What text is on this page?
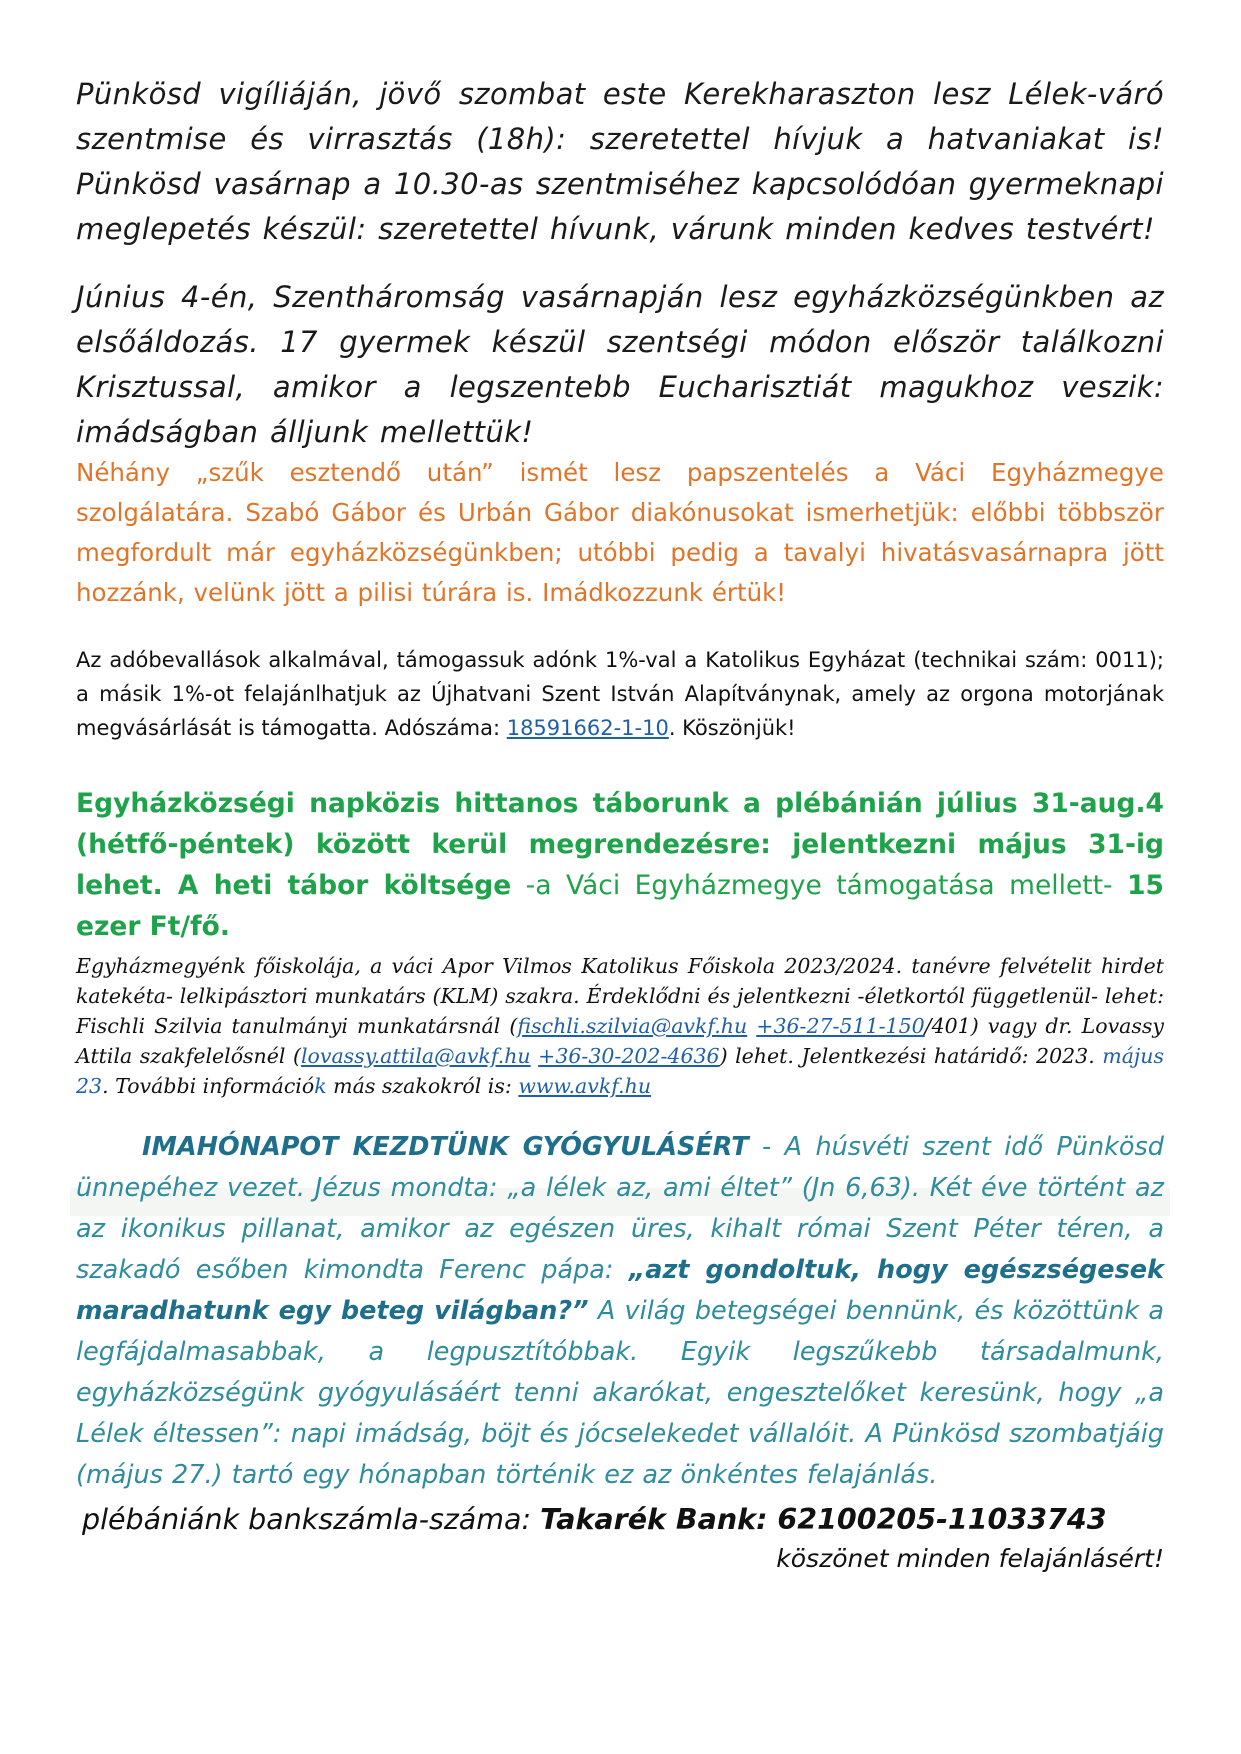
Pünkösd vigíliáján, jövő szombat este Kerekharaszton lesz Lélek-váró szentmise és virrasztás (18h): szeretettel hívjuk a hatvaniakat is! Pünkösd vasárnap a 10.30-as szentmiséhez kapcsolódóan gyermeknapi meglepetés készül: szeretettel hívunk, várunk minden kedves testvért!

Június 4-én, Szentháromság vasárnapján lesz egyházközségünkben az elsőáldozás. 17 gyermek készül szentségi módon először találkozni Krisztussal, amikor a legszentebb Eucharisztiát magukhoz veszik: imádságban álljunk mellettük!

Néhány „szűk esztendő után” ismét lesz papszentelés a Váci Egyházmegye szolgálatára. Szabó Gábor és Urbán Gábor diakónusokat ismerhetjük: előbbi többször megfordult már egyházközségünkben; utóbbi pedig a tavalyi hivatásvasárnapra jött hozzánk, velünk jött a pilisi túrára is. Imádkozzunk értük!

Az adóbevallások alkalmával, támogassuk adónk 1%-val a Katolikus Egyházat (technikai szám: 0011); a másik 1%-ot felajánlhatjuk az Újhatvani Szent István Alapítványnak, amely az orgona motorjának megvásárlását is támogatta. Adószáma: 18591662-1-10. Köszönjük!

Egyházközségi napközis hittanos táborunk a plébánián július 31-aug.4 (hétfő-péntek) között kerül megrendezésre: jelentkezni május 31-ig lehet. A heti tábor költsége -a Váci Egyházmegye támogatása mellett- 15 ezer Ft/fő.

Egyházmegyénk főiskolája, a váci Apor Vilmos Katolikus Főiskola 2023/2024. tanévre felvételit hirdet katekéta- lelkipásztori munkatárs (KLM) szakra. Érdeklődni és jelentkezni -életkortól függetlenül- lehet: Fischli Szilvia tanulmányi munkatársnál (fischli.szilvia@avkf.hu +36-27-511-150/401) vagy dr. Lovassy Attila szakfelelősnél (lovassy.attila@avkf.hu +36-30-202-4636) lehet. Jelentkezési határidő: 2023. május 23. További információk más szakokról is: www.avkf.hu

IMAHÓNAPOT KEZDTÜNK GYÓGYULÁSÉRT - A húsvéti szent idő Pünkösd ünnepéhez vezet. Jézus mondta: „a lélek az, ami éltet” (Jn 6,63). Két éve történt az az ikonikus pillanat, amikor az egészen üres, kihalt római Szent Péter téren, a szakadó esőben kimondta Ferenc pápa: „azt gondoltuk, hogy egészségesek maradhatunk egy beteg világban?” A világ betegségei bennünk, és közöttünk a legfájdalmasabbak, a legpusztítóbbak. Egyik legszűkebb társadalmunk, egyházközségünk gyógyulásáért tenni akarókat, engesztelőket keresünk, hogy „a Lélek éltessen”: napi imádság, böjt és jócselekedet vállalóit. A Pünkösd szombatjáig (május 27.) tartó egy hónapban történik ez az önkéntes felajánlás.

plébániánk bankszámla-száma: Takarék Bank: 62100205-11033743

köszönet minden felajánlásért!
